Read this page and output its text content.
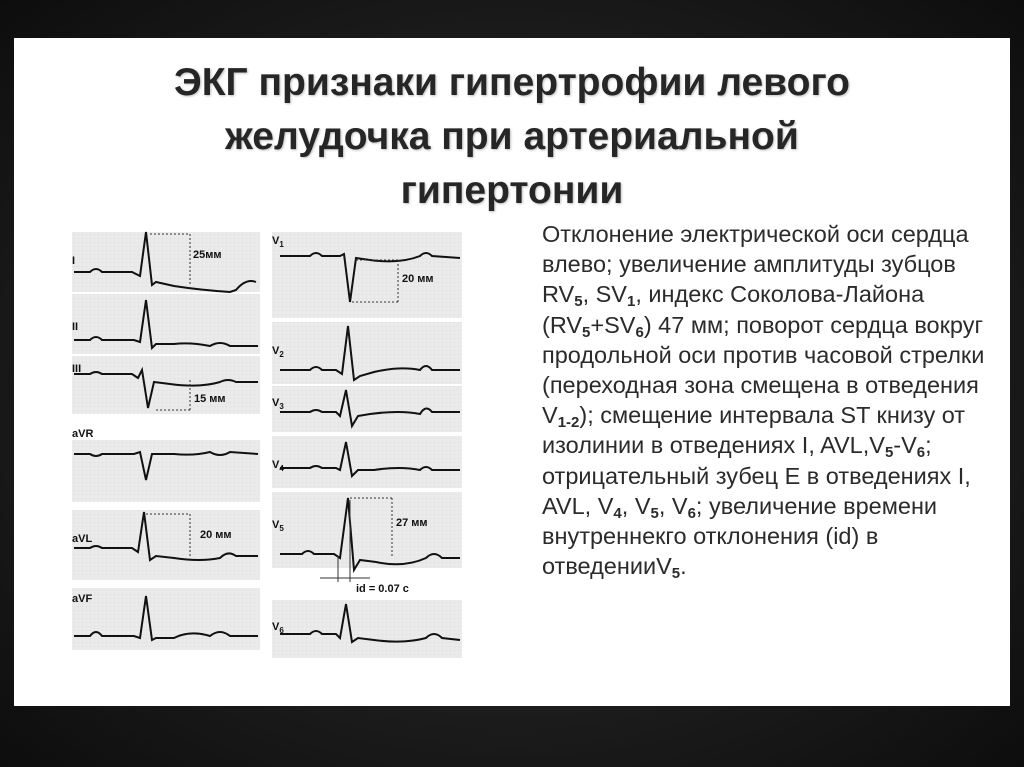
ЭКГ признаки гипертрофии левого
желудочка при артериальной
гипертонии
I	25мм
II
III
15 мм
aVR
aVL	20 мм
aVF
$V_1$
20 мм
$V_2$
$V_3$
$V_4$
$V_5$	27 мм
id = 0.07 с
$V_6$
Отклонение электрической оси сердца влево; увеличение амплитуды зубцов $RV_5$, $SV_1$, индекс Соколова-Лайона $(RV_5+SV_6)$ 47 мм; поворот сердца вокруг продольной оси против часовой стрелки (переходная зона смещена в отведения $V_{1-2}$); смещение интервала ST книзу от изолинии в отведениях I, $AVL,V_5-V_6$; отрицательный зубец Е в отведениях I, AVL, $V_4$, $V_5$, $V_6$; увеличение времени внутреннекго отклонения (id) в отведенииV$_5$.
